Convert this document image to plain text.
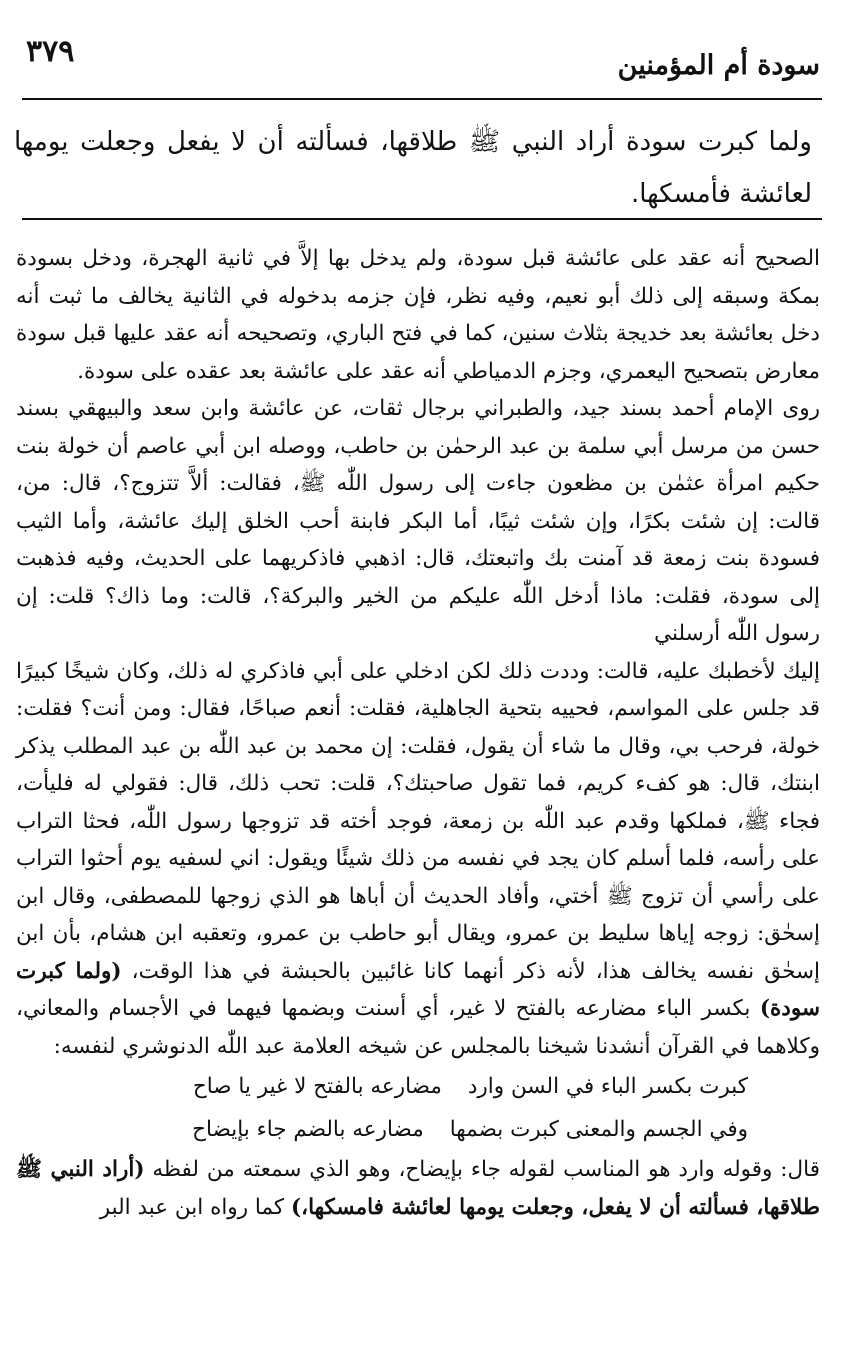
٣٧٩	سودة أم المؤمنين
ولما كبرت سودة أراد النبي ﷺ طلاقها، فسألته أن لا يفعل وجعلت يومها لعائشة فأمسكها.

الصحيح أنه عقد على عائشة قبل سودة، ولم يدخل بها إلاَّ في ثانية الهجرة، ودخل بسودة بمكة وسبقه إلى ذلك أبو نعيم، وفيه نظر، فإن جزمه بدخوله في الثانية يخالف ما ثبت أنه دخل بعائشة بعد خديجة بثلاث سنين، كما في فتح الباري، وتصحيحه أنه عقد عليها قبل سودة معارض بتصحيح اليعمري، وجزم الدمياطي أنه عقد على عائشة بعد عقده على سودة.

روى الإمام أحمد بسند جيد، والطبراني برجال ثقات، عن عائشة وابن سعد والبيهقي بسند حسن من مرسل أبي سلمة بن عبد الرحمٰن بن حاطب، ووصله ابن أبي عاصم أن خولة بنت حكيم امرأة عثمٰن بن مظعون جاءت إلى رسول اللّٰه ﷺ، فقالت: ألاَّ تتزوج؟، قال: من، قالت: إن شئت بكرًا، وإن شئت ثيبًا، أما البكر فابنة أحب الخلق إليك عائشة، وأما الثيب فسودة بنت زمعة قد آمنت بك واتبعتك، قال: اذهبي فاذكريهما على الحديث، وفيه فذهبت إلى سودة، فقلت: ماذا أدخل اللّٰه عليكم من الخير والبركة؟، قالت: وما ذاك؟ قلت: إن رسول اللّٰه أرسلني

إليك لأخطبك عليه، قالت: وددت ذلك لكن ادخلي على أبي فاذكري له ذلك، وكان شيخًا كبيرًا قد جلس على المواسم، فحييه بتحية الجاهلية، فقلت: أنعم صباحًا، فقال: ومن أنت؟ فقلت: خولة، فرحب بي، وقال ما شاء أن يقول، فقلت: إن محمد بن عبد اللّٰه بن عبد المطلب يذكر ابنتك، قال: هو كفء كريم، فما تقول صاحبتك؟، قلت: تحب ذلك، قال: فقولي له فليأت، فجاء ﷺ، فملكها وقدم عبد اللّٰه بن زمعة، فوجد أخته قد تزوجها رسول اللّٰه، فحثا التراب على رأسه، فلما أسلم كان يجد في نفسه من ذلك شيئًا ويقول: اني لسفيه يوم أحثوا التراب على رأسي أن تزوج ﷺ أختي، وأفاد الحديث أن أباها هو الذي زوجها للمصطفى، وقال ابن إسحٰق: زوجه إياها سليط بن عمرو، ويقال أبو حاطب بن عمرو، وتعقبه ابن هشام، بأن ابن إسحٰق نفسه يخالف هذا، لأنه ذكر أنهما كانا غائبين بالحبشة في هذا الوقت، (ولما كبرت سودة) بكسر الباء مضارعه بالفتح لا غير، أي أسنت وبضمها فيهما في الأجسام والمعاني، وكلاهما في القرآن أنشدنا شيخنا بالمجلس عن شيخه العلامة عبد اللّٰه الدنوشري لنفسه:

كبرت بكسر الباء في السن واردمضارعه بالفتح لا غير يا صاح
وفي الجسم والمعنى كبرت بضمهامضارعه بالضم جاء بإيضاح

قال: وقوله وارد هو المناسب لقوله جاء بإيضاح، وهو الذي سمعته من لفظه (أراد النبي ﷺ طلاقها، فسألته أن لا يفعل، وجعلت يومها لعائشة فامسكها،) كما رواه ابن عبد البر
